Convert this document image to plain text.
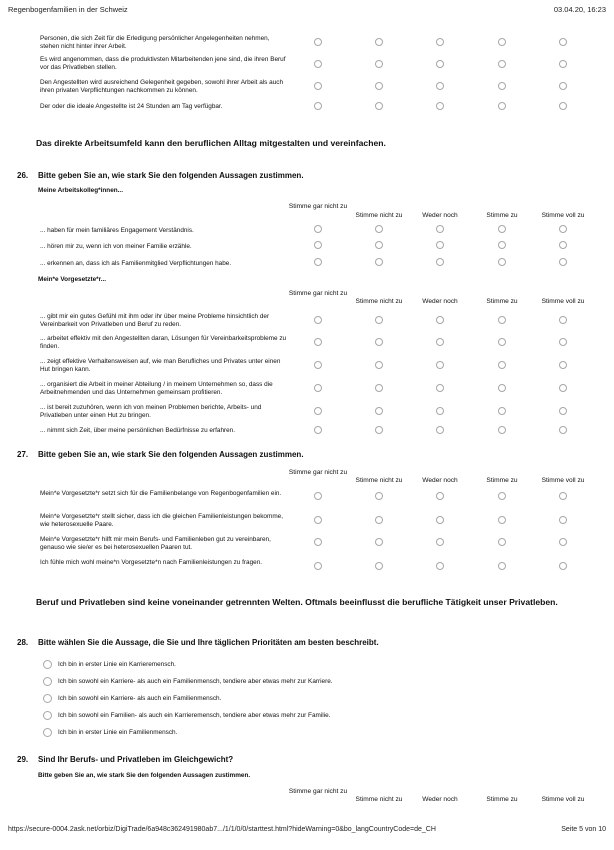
Regenbogenfamilien in der Schweiz	03.04.20, 16:23
https://secure-0004.2ask.net/orbiz/DigiTrade/6a948c362491980ab7.../1/1/0/0/starttest.html?hideWarning=0&bo_langCountryCode=de_CH	Seite 5 von 10
Personen, die sich Zeit für die Erledigung persönlicher Angelegenheiten nehmen, stehen nicht hinter ihrer Arbeit.
Es wird angenommen, dass die produktivsten Mitarbeitenden jene sind, die ihren Beruf vor das Privatleben stellen.
Den Angestellten wird ausreichend Gelegenheit gegeben, sowohl ihrer Arbeit als auch ihren privaten Verpflichtungen nachkommen zu können.
Der oder die ideale Angestellte ist 24 Stunden am Tag verfügbar.
Das direkte Arbeitsumfeld kann den beruflichen Alltag mitgestalten und vereinfachen.
26. Bitte geben Sie an, wie stark Sie den folgenden Aussagen zustimmen.
Meine Arbeitskolleg*innen...
Stimme gar nicht zu
Stimme nicht zu	Weder noch	Stimme zu	Stimme voll zu
... haben für mein familiäres Engagement Verständnis.
... hören mir zu, wenn ich von meiner Familie erzähle.
... erkennen an, dass ich als Familienmitglied Verpflichtungen habe.
Mein*e Vorgesetzte*r...
Stimme gar nicht zu
Stimme nicht zu	Weder noch	Stimme zu	Stimme voll zu
... gibt mir ein gutes Gefühl mit ihm oder ihr über meine Probleme hinsichtlich der Vereinbarkeit von Privatleben und Beruf zu reden.
... arbeitet effektiv mit den Angestellten daran, Lösungen für Vereinbarkeitsprobleme zu finden.
... zeigt effektive Verhaltensweisen auf, wie man Berufliches und Privates unter einen Hut bringen kann.
... organisiert die Arbeit in meiner Abteilung / in meinem Unternehmen so, dass die Arbeitnehmenden und das Unternehmen gemeinsam profitieren.
... ist bereit zuzuhören, wenn ich von meinen Problemen berichte, Arbeits- und Privatleben unter einen Hut zu bringen.
... nimmt sich Zeit, über meine persönlichen Bedürfnisse zu erfahren.
27. Bitte geben Sie an, wie stark Sie den folgenden Aussagen zustimmen.
Stimme gar nicht zu
Stimme nicht zu	Weder noch	Stimme zu	Stimme voll zu
Mein*e Vorgesetzte*r setzt sich für die Familienbelange von Regenbogenfamilien ein.
Mein*e Vorgesetzte*r stellt sicher, dass ich die gleichen Familienleistungen bekomme, wie heterosexuelle Paare.
Mein*e Vorgesetzte*r hilft mir mein Berufs- und Familienleben gut zu vereinbaren, genauso wie sie/er es bei heterosexuellen Paaren tut.
Ich fühle mich wohl meine*n Vorgesetzte*n nach Familienleistungen zu fragen.
Beruf und Privatleben sind keine voneinander getrennten Welten. Oftmals beeinflusst die berufliche Tätigkeit unser Privatleben.
28. Bitte wählen Sie die Aussage, die Sie und Ihre täglichen Prioritäten am besten beschreibt.
Ich bin in erster Linie ein Karrieremensch.
Ich bin sowohl ein Karriere- als auch ein Familienmensch, tendiere aber etwas mehr zur Karriere.
Ich bin sowohl ein Karriere- als auch ein Familienmensch.
Ich bin sowohl ein Familien- als auch ein Karrieremensch, tendiere aber etwas mehr zur Familie.
Ich bin in erster Linie ein Familienmensch.
29. Sind Ihr Berufs- und Privatleben im Gleichgewicht?
Bitte geben Sie an, wie stark Sie den folgenden Aussagen zustimmen.
Stimme gar nicht zu
Stimme nicht zu	Weder noch	Stimme zu	Stimme voll zu
